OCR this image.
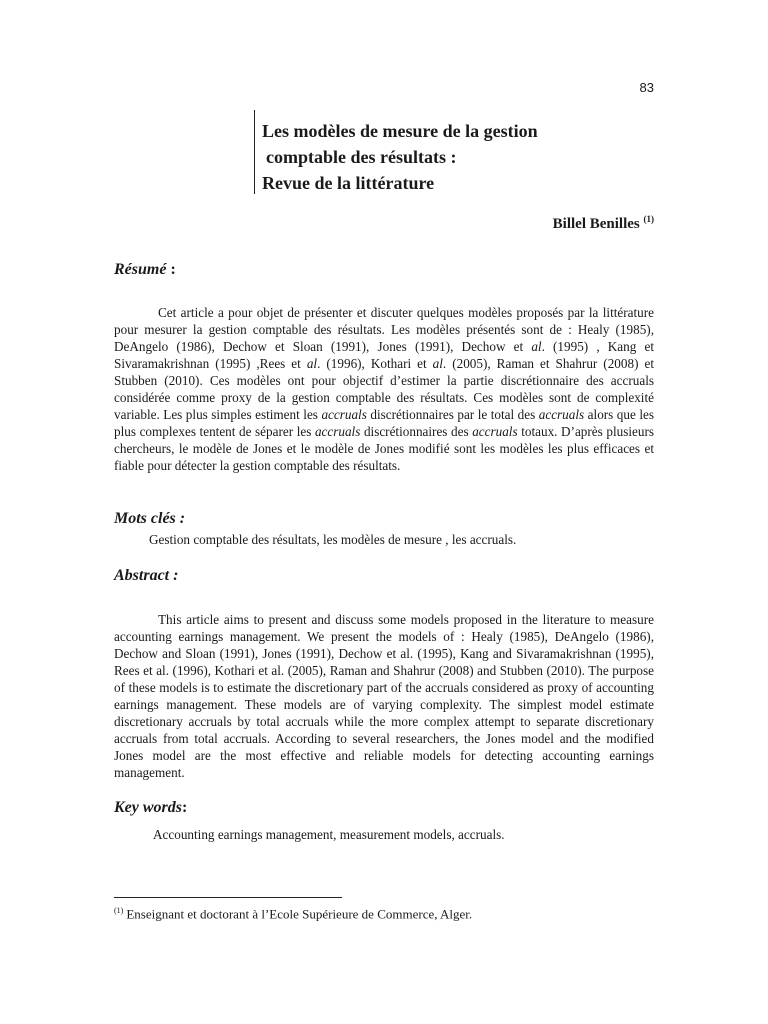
83
Les modèles de mesure de la gestion
comptable des résultats :
Revue de la littérature
Billel Benilles $^{(1)}$
Résumé :

Cet article a pour objet de présenter et discuter quelques modèles proposés par la littérature pour mesurer la gestion comptable des résultats. Les modèles présentés sont de : Healy (1985), DeAngelo (1986), Dechow et Sloan (1991), Jones (1991), Dechow et al. (1995) , Kang et Sivaramakrishnan (1995) ,Rees et al. (1996), Kothari et al. (2005), Raman et Shahrur (2008) et Stubben (2010). Ces modèles ont pour objectif d’estimer la partie discrétionnaire des accruals considérée comme proxy de la gestion comptable des résultats. Ces modèles sont de complexité variable. Les plus simples estiment les accruals discrétionnaires par le total des accruals alors que les plus complexes tentent de séparer les accruals discrétionnaires des accruals totaux. D’après plusieurs chercheurs, le modèle de Jones et le modèle de Jones modifié sont les modèles les plus efficaces et fiable pour détecter la gestion comptable des résultats.

Mots clés :
Gestion comptable des résultats, les modèles de mesure , les accruals.
Abstract :

This article aims to present and discuss some models proposed in the literature to measure accounting earnings management. We present the models of : Healy (1985), DeAngelo (1986), Dechow and Sloan (1991), Jones (1991), Dechow et al. (1995), Kang and Sivaramakrishnan (1995), Rees et al. (1996), Kothari et al. (2005), Raman and Shahrur (2008) and Stubben (2010). The purpose of these models is to estimate the discretionary part of the accruals considered as proxy of accounting earnings management. These models are of varying complexity. The simplest model estimate discretionary accruals by total accruals while the more complex attempt to separate discretionary accruals from total accruals. According to several researchers, the Jones model and the modified Jones model are the most effective and reliable models for detecting accounting earnings management.

Key words:
Accounting earnings management, measurement models, accruals.
$^{(1)}$ Enseignant et doctorant à l’Ecole Supérieure de Commerce, Alger.
